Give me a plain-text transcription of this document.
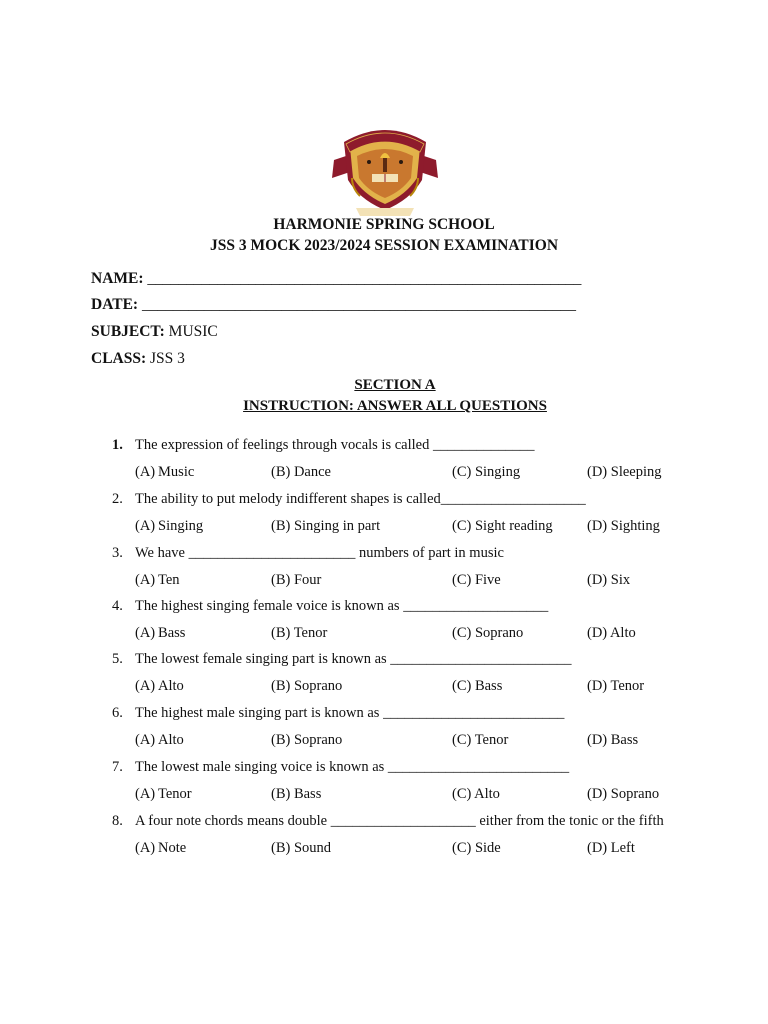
HARMONIE SPRING SCHOOL
JSS 3 MOCK 2023/2024 SESSION EXAMINATION
NAME: ________________________________________________________
DATE: ________________________________________________________
SUBJECT: MUSIC
CLASS: JSS 3
SECTION A
INSTRUCTION: ANSWER ALL QUESTIONS
1. The expression of feelings through vocals is called ______________
(A) Music	(B) Dance	(C) Singing	(D) Sleeping
2. The ability to put melody indifferent shapes is called____________________
(A) Singing	(B) Singing in part	(C) Sight reading (D) Sighting
3. We have _______________________ numbers of part in music
(A) Ten	(B) Four	(C) Five	(D) Six
4. The highest singing female voice is known as ____________________
(A) Bass	(B) Tenor	(C) Soprano	(D) Alto
5. The lowest female singing part is known as _________________________
(A) Alto	(B) Soprano	(C) Bass	(D) Tenor
6. The highest male singing part is known as _________________________
(A) Alto	(B) Soprano	(C) Tenor	(D) Bass
7. The lowest male singing voice is known as _________________________
(A) Tenor	(B) Bass	(C) Alto	(D) Soprano
8. A four note chords means double ____________________ either from the tonic or the fifth
(A) Note	(B) Sound	(C) Side	(D) Left
